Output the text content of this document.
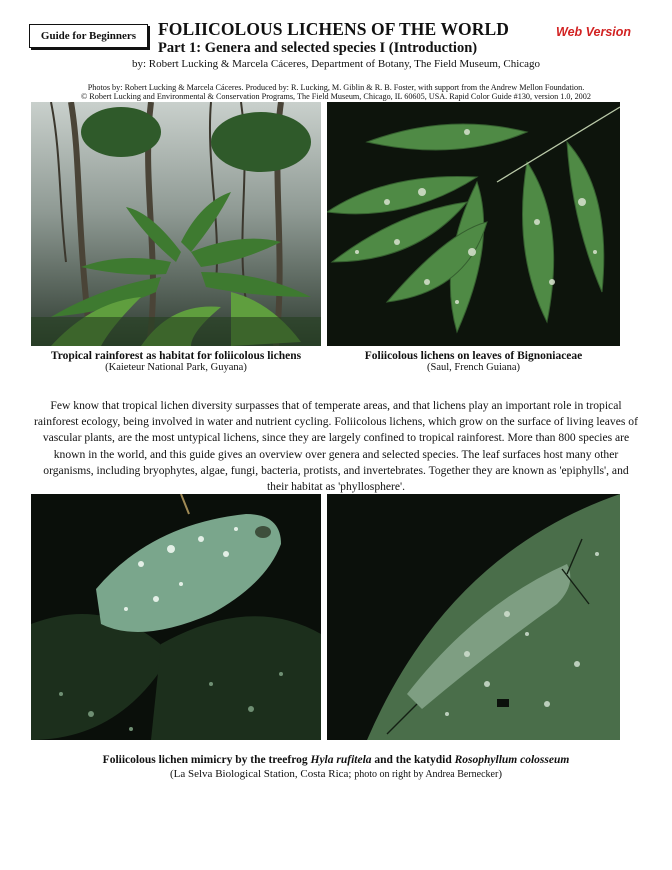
Guide for Beginners FOLIICOLOUS LICHENS OF THE WORLD	Web Version
Part 1: Genera and selected species I (Introduction)
by: Robert Lucking & Marcela Cáceres, Department of Botany, The Field Museum, Chicago
Photos by: Robert Lucking & Marcela Cáceres. Produced by: R. Lucking, M. Giblin & R. B. Foster, with support from the Andrew Mellon Foundation.
© Robert Lucking and Environmental & Conservation Programs, The Field Museum, Chicago, IL 60605, USA. Rapid Color Guide #130, version 1.0, 2002
Tropical rainforest as habitat for foliicolous lichens
(Kaieteur National Park, Guyana)
Foliicolous lichens on leaves of Bignoniaceae
(Saul, French Guiana)
Few know that tropical lichen diversity surpasses that of temperate areas, and that lichens play an important role in tropical rainforest ecology, being involved in water and nutrient cycling. Foliicolous lichens, which grow on the surface of living leaves of vascular plants, are the most untypical lichens, since they are largely confined to tropical rainforest. More than 800 species are known in the world, and this guide gives an overview over genera and selected species. The leaf surfaces host many other organisms, including bryophytes, algae, fungi, bacteria, protists, and invertebrates. Together they are known as 'epiphylls', and their habitat as 'phyllosphere'.
Foliicolous lichen mimicry by the treefrog Hyla rufitela and the katydid Rosophyllum colosseum
(La Selva Biological Station, Costa Rica; photo on right by Andrea Bernecker)
